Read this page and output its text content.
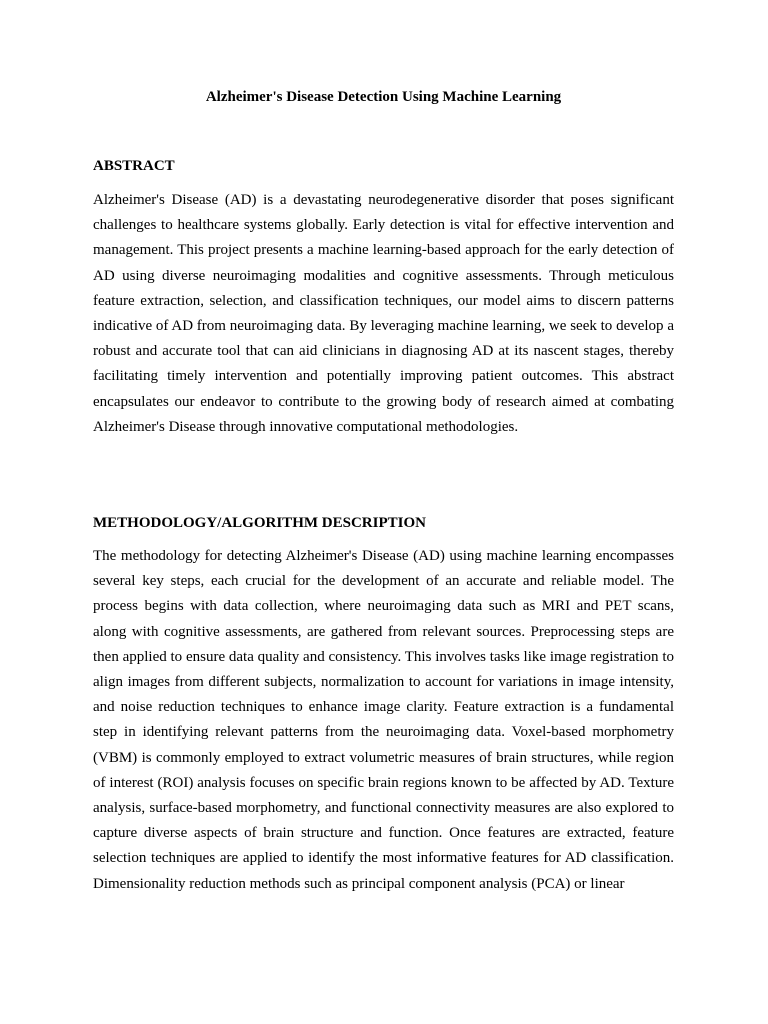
Alzheimer's Disease Detection Using Machine Learning
ABSTRACT

Alzheimer's Disease (AD) is a devastating neurodegenerative disorder that poses significant challenges to healthcare systems globally. Early detection is vital for effective intervention and management. This project presents a machine learning-based approach for the early detection of AD using diverse neuroimaging modalities and cognitive assessments. Through meticulous feature extraction, selection, and classification techniques, our model aims to discern patterns indicative of AD from neuroimaging data. By leveraging machine learning, we seek to develop a robust and accurate tool that can aid clinicians in diagnosing AD at its nascent stages, thereby facilitating timely intervention and potentially improving patient outcomes. This abstract encapsulates our endeavor to contribute to the growing body of research aimed at combating Alzheimer's Disease through innovative computational methodologies.

METHODOLOGY/ALGORITHM DESCRIPTION

The methodology for detecting Alzheimer's Disease (AD) using machine learning encompasses several key steps, each crucial for the development of an accurate and reliable model. The process begins with data collection, where neuroimaging data such as MRI and PET scans, along with cognitive assessments, are gathered from relevant sources. Preprocessing steps are then applied to ensure data quality and consistency. This involves tasks like image registration to align images from different subjects, normalization to account for variations in image intensity, and noise reduction techniques to enhance image clarity. Feature extraction is a fundamental step in identifying relevant patterns from the neuroimaging data. Voxel-based morphometry (VBM) is commonly employed to extract volumetric measures of brain structures, while region of interest (ROI) analysis focuses on specific brain regions known to be affected by AD. Texture analysis, surface-based morphometry, and functional connectivity measures are also explored to capture diverse aspects of brain structure and function. Once features are extracted, feature selection techniques are applied to identify the most informative features for AD classification. Dimensionality reduction methods such as principal component analysis (PCA) or linear
